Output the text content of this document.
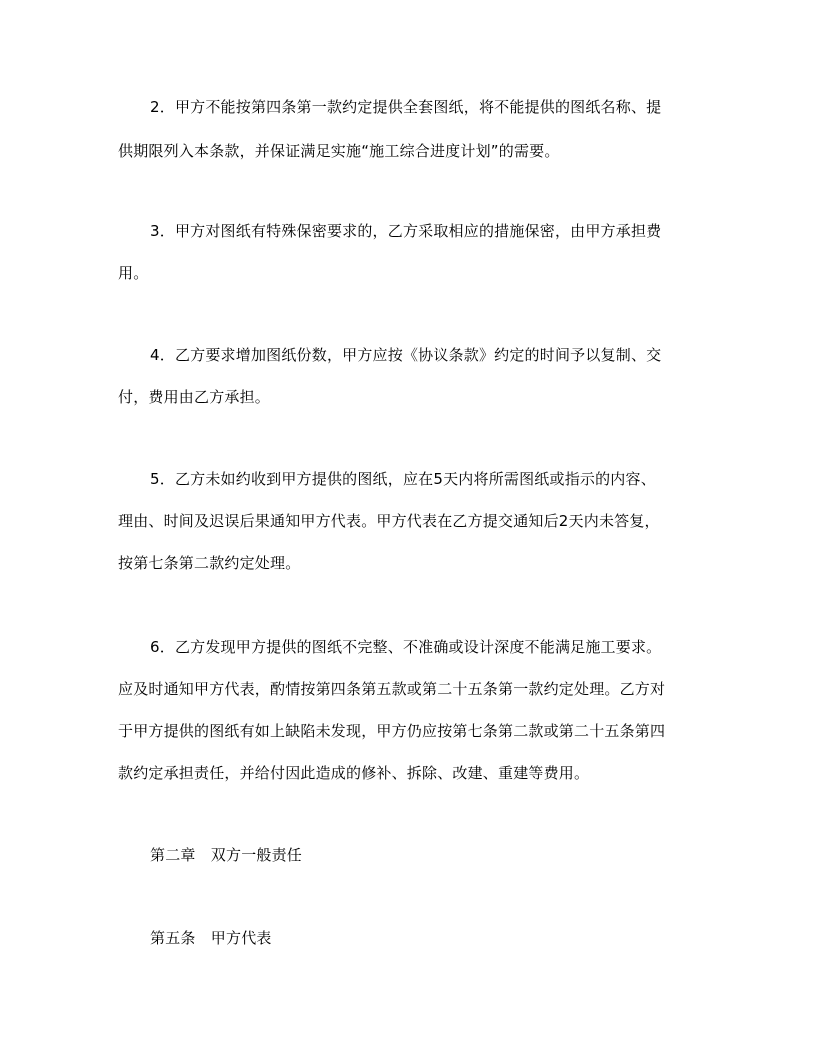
2．甲方不能按第四条第一款约定提供全套图纸，将不能提供的图纸名称、提
供期限列入本条款，并保证满足实施“施工综合进度计划”的需要。
3．甲方对图纸有特殊保密要求的，乙方采取相应的措施保密，由甲方承担费
用。
4．乙方要求增加图纸份数，甲方应按《协议条款》约定的时间予以复制、交
付，费用由乙方承担。
5．乙方未如约收到甲方提供的图纸，应在5天内将所需图纸或指示的内容、
理由、时间及迟误后果通知甲方代表。甲方代表在乙方提交通知后2天内未答复，
按第七条第二款约定处理。
6．乙方发现甲方提供的图纸不完整、不准确或设计深度不能满足施工要求。
应及时通知甲方代表，酌情按第四条第五款或第二十五条第一款约定处理。乙方对
于甲方提供的图纸有如上缺陷未发现，甲方仍应按第七条第二款或第二十五条第四
款约定承担责任，并给付因此造成的修补、拆除、改建、重建等费用。
第二章　双方一般责任
第五条　甲方代表
